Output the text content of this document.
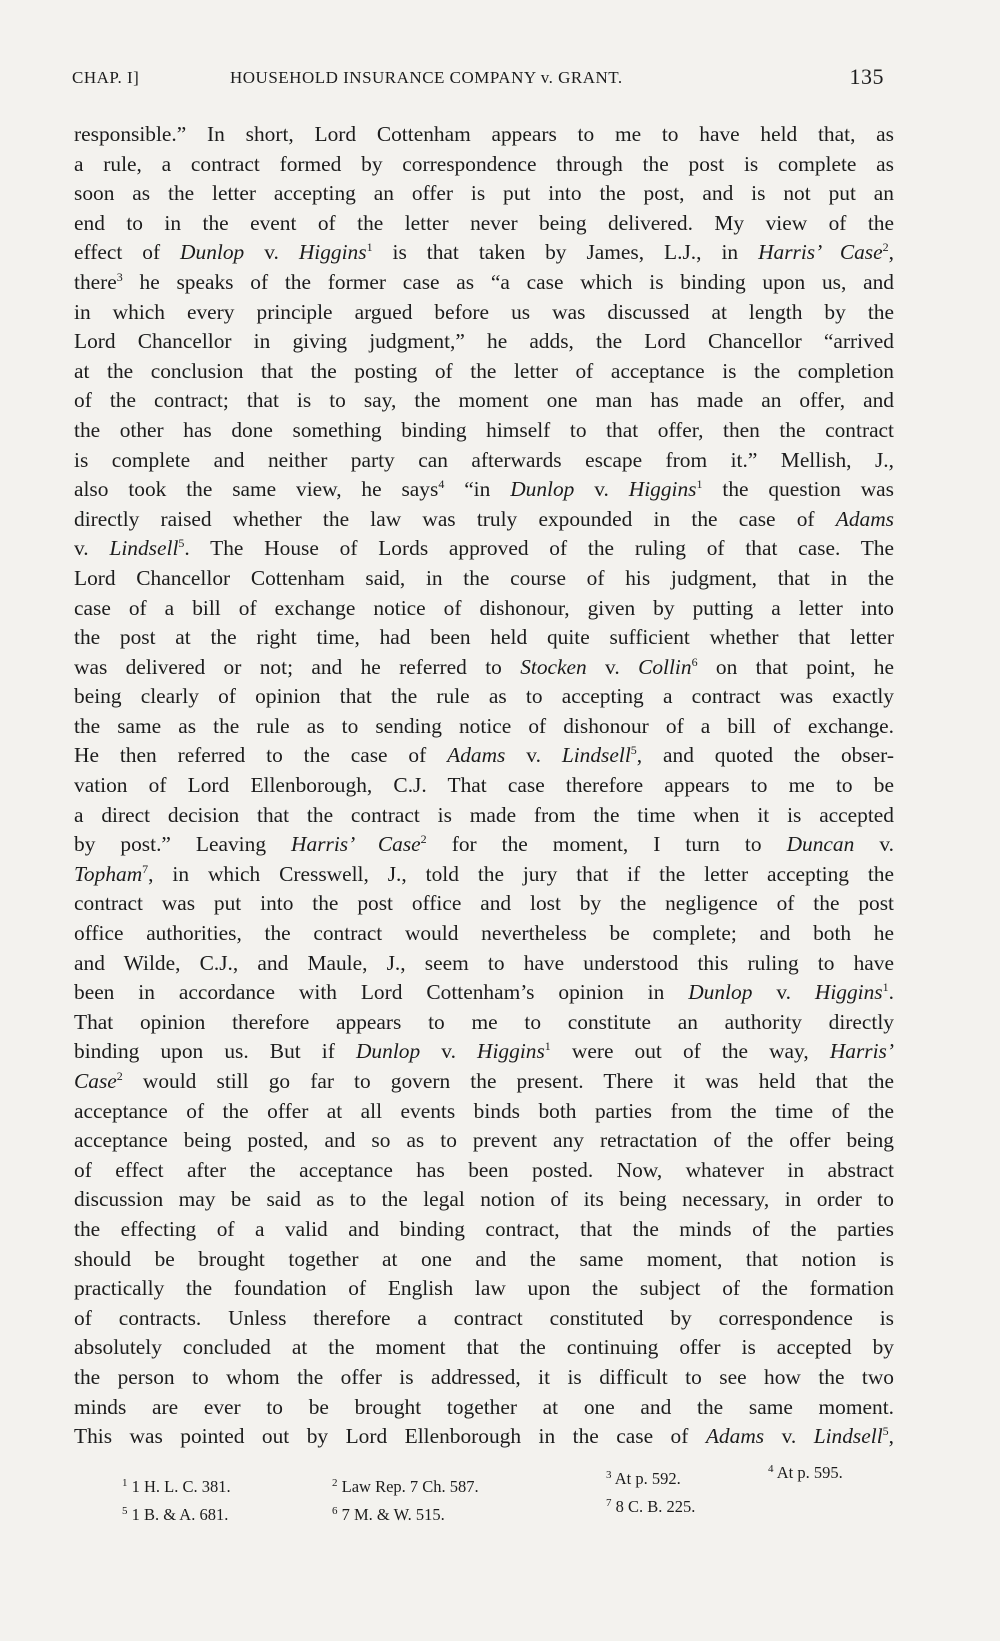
CHAP. I]	HOUSEHOLD INSURANCE COMPANY v. GRANT.	135
responsible.” In short, Lord Cottenham appears to me to have held that, as
a rule, a contract formed by correspondence through the post is complete as
soon as the letter accepting an offer is put into the post, and is not put an
end to in the event of the letter never being delivered. My view of the
effect of Dunlop v. Higgins$^1$ is that taken by James, L.J., in Harris’ Case$^2$,
there$^3$ he speaks of the former case as “a case which is binding upon us, and
in which every principle argued before us was discussed at length by the
Lord Chancellor in giving judgment,” he adds, the Lord Chancellor “arrived
at the conclusion that the posting of the letter of acceptance is the completion
of the contract; that is to say, the moment one man has made an offer, and
the other has done something binding himself to that offer, then the contract
is complete and neither party can afterwards escape from it.” Mellish, J.,
also took the same view, he says$^4$ “in Dunlop v. Higgins$^1$ the question was
directly raised whether the law was truly expounded in the case of Adams
v. Lindsell$^5$. The House of Lords approved of the ruling of that case. The
Lord Chancellor Cottenham said, in the course of his judgment, that in the
case of a bill of exchange notice of dishonour, given by putting a letter into
the post at the right time, had been held quite sufficient whether that letter
was delivered or not; and he referred to Stocken v. Collin$^6$ on that point, he
being clearly of opinion that the rule as to accepting a contract was exactly
the same as the rule as to sending notice of dishonour of a bill of exchange.
He then referred to the case of Adams v. Lindsell$^5$, and quoted the obser-
vation of Lord Ellenborough, C.J. That case therefore appears to me to be
a direct decision that the contract is made from the time when it is accepted
by post.” Leaving Harris’ Case$^2$ for the moment, I turn to Duncan v.
Topham$^7$, in which Cresswell, J., told the jury that if the letter accepting the
contract was put into the post office and lost by the negligence of the post
office authorities, the contract would nevertheless be complete; and both he
and Wilde, C.J., and Maule, J., seem to have understood this ruling to have
been in accordance with Lord Cottenham’s opinion in Dunlop v. Higgins$^1$.
That opinion therefore appears to me to constitute an authority directly
binding upon us. But if Dunlop v. Higgins$^1$ were out of the way, Harris’
Case$^2$ would still go far to govern the present. There it was held that the
acceptance of the offer at all events binds both parties from the time of the
acceptance being posted, and so as to prevent any retractation of the offer being
of effect after the acceptance has been posted. Now, whatever in abstract
discussion may be said as to the legal notion of its being necessary, in order to
the effecting of a valid and binding contract, that the minds of the parties
should be brought together at one and the same moment, that notion is
practically the foundation of English law upon the subject of the formation
of contracts. Unless therefore a contract constituted by correspondence is
absolutely concluded at the moment that the continuing offer is accepted by
the person to whom the offer is addressed, it is difficult to see how the two
minds are ever to be brought together at one and the same moment.
This was pointed out by Lord Ellenborough in the case of Adams v. Lindsell$^5$,
$^1$ 1 H. L. C. 381.	$^2$ Law Rep. 7 Ch. 587.
$^3$ At p. 592.	$^4$ At p. 595.
$^5$ 1 B. & A. 681.	$^6$ 7 M. & W. 515.
$^7$ 8 C. B. 225.
